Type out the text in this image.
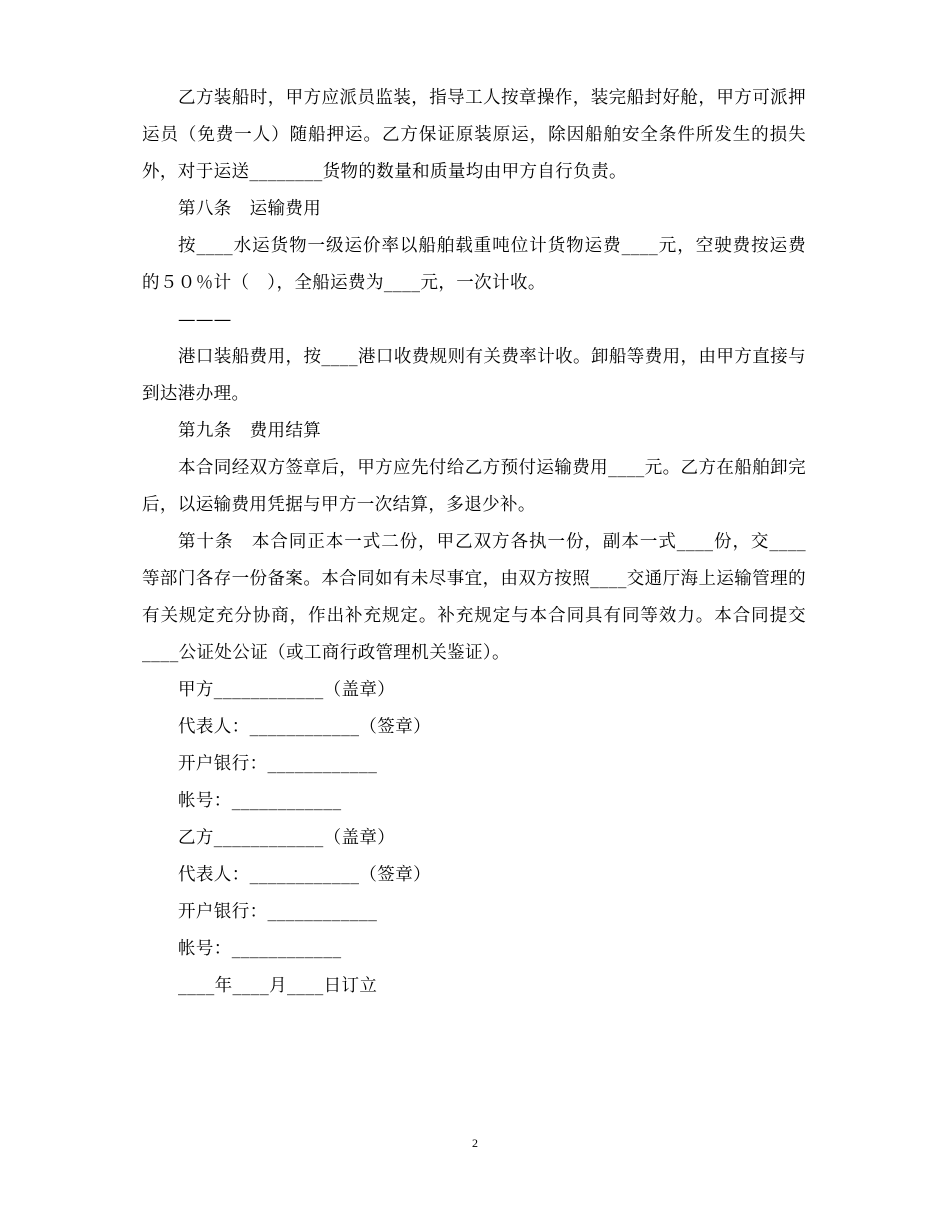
乙方装船时，甲方应派员监装，指导工人按章操作，装完船封好舱，甲方可派押运员（免费一人）随船押运。乙方保证原装原运，除因船舶安全条件所发生的损失外，对于运送________货物的数量和质量均由甲方自行负责。

第八条　运输费用

按____水运货物一级运价率以船舶载重吨位计货物运费____元，空驶费按运费的５０％计（　），全船运费为____元，一次计收。

———

港口装船费用，按____港口收费规则有关费率计收。卸船等费用，由甲方直接与到达港办理。

第九条　费用结算

本合同经双方签章后，甲方应先付给乙方预付运输费用____元。乙方在船舶卸完后，以运输费用凭据与甲方一次结算，多退少补。

第十条　本合同正本一式二份，甲乙双方各执一份，副本一式____份，交____等部门各存一份备案。本合同如有未尽事宜，由双方按照____交通厅海上运输管理的有关规定充分协商，作出补充规定。补充规定与本合同具有同等效力。本合同提交____公证处公证（或工商行政管理机关鉴证）。

甲方____________（盖章）

代表人：____________（签章）

开户银行：____________

帐号：____________

乙方____________（盖章）

代表人：____________（签章）

开户银行：____________

帐号：____________

____年____月____日订立

2
